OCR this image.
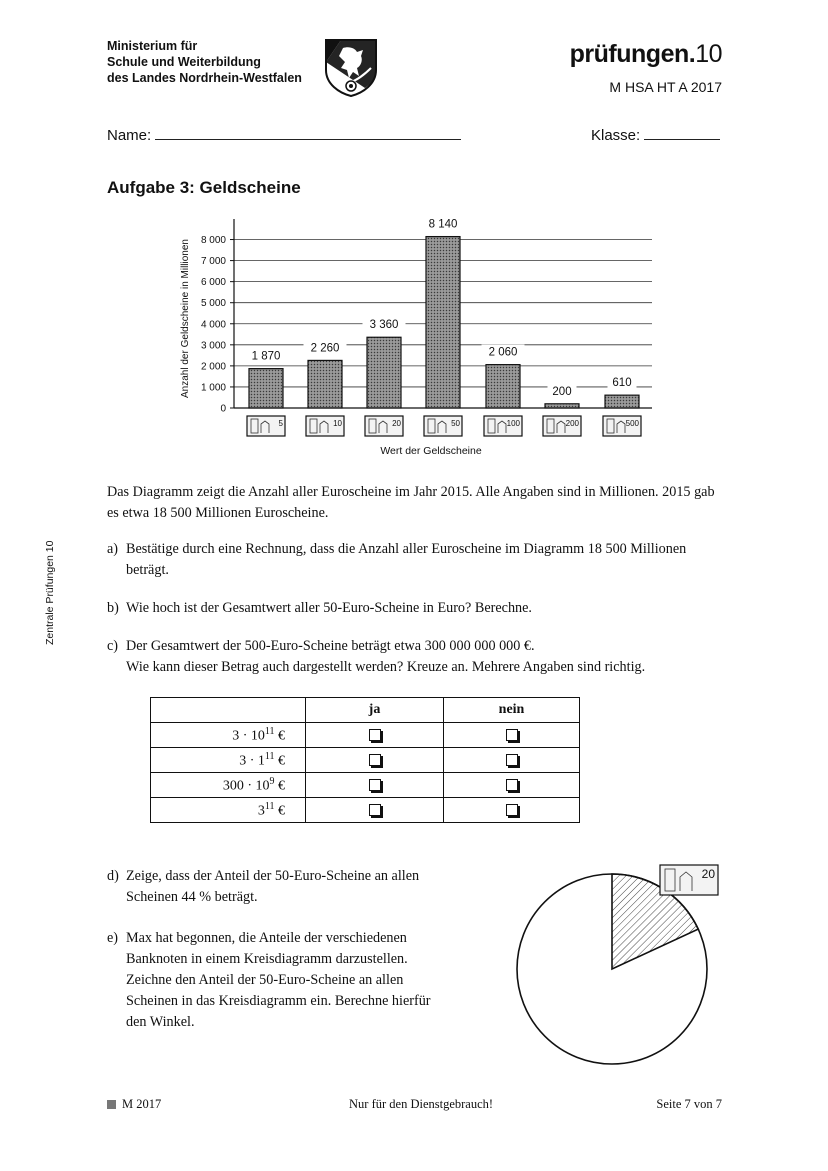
Ministerium für
Schule und Weiterbildung
des Landes Nordrhein-Westfalen
prüfungen.10
M HSA HT A 2017
Name:	Klasse:
Aufgabe 3: Geldscheine
Zentrale Prüfungen 10
0
1 000
2 000
3 000
4 000
5 000
6 000
7 000
8 000
1 870
5
2 260
10
3 360
20
8 140
50
2 060
100
200
200
610
500
Anzahl der Geldscheine in Millionen
Wert der Geldscheine
Das Diagramm zeigt die Anzahl aller Euroscheine im Jahr 2015. Alle Angaben sind in Millionen. 2015 gab es etwa 18 500 Millionen Euroscheine.
a) Bestätige durch eine Rechnung, dass die Anzahl aller Euroscheine im Diagramm 18 500 Millionen beträgt.
b) Wie hoch ist der Gesamtwert aller 50-Euro-Scheine in Euro? Berechne.
c) Der Gesamtwert der 500-Euro-Scheine beträgt etwa 300 000 000 000 €.
Wie kann dieser Betrag auch dargestellt werden? Kreuze an. Mehrere Angaben sind richtig.
	ja	nein
$3 \cdot 10^{11}$ €		
$3 \cdot 1^{11}$ €		
$300 \cdot 10^9$ €		
$3^{11}$ €		
d) Zeige, dass der Anteil der 50-Euro-Scheine an allen Scheinen 44 % beträgt.
e) Max hat begonnen, die Anteile der verschiedenen Banknoten in einem Kreisdiagramm darzustellen. Zeichne den Anteil der 50-Euro-Scheine an allen Scheinen in das Kreisdiagramm ein. Berechne hierfür den Winkel.
20
M 2017	Nur für den Dienstgebrauch!	Seite 7 von 7
